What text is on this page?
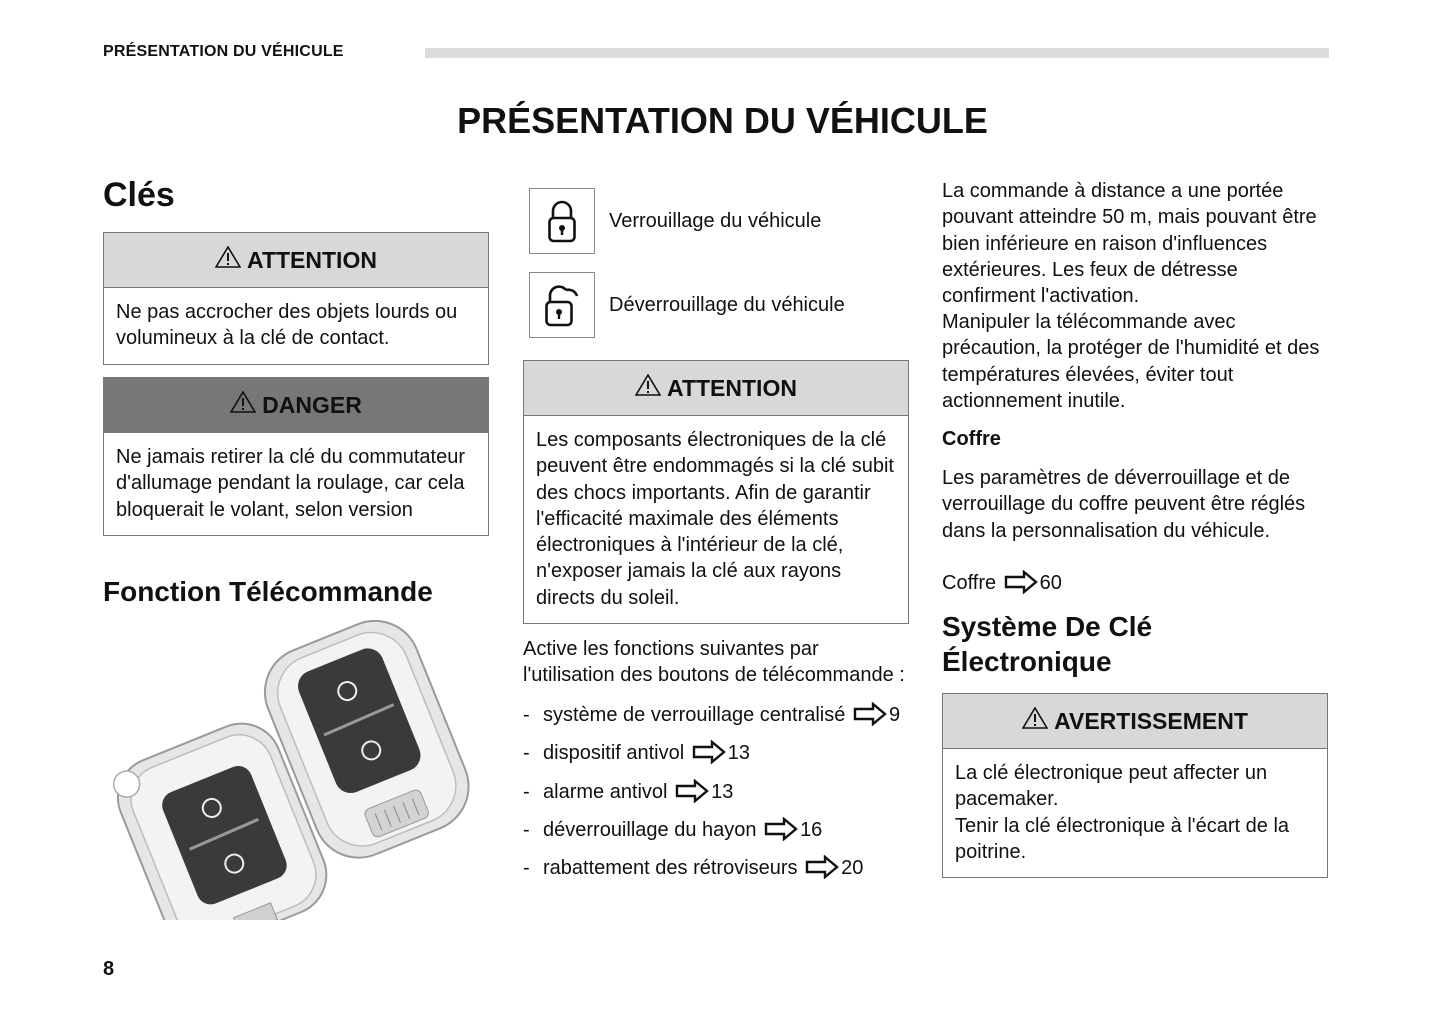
PRÉSENTATION DU VÉHICULE
PRÉSENTATION DU VÉHICULE
Clés
ATTENTION
Ne pas accrocher des objets lourds ou volumineux à la clé de contact.
DANGER
Ne jamais retirer la clé du commutateur d'allumage pendant la roulage, car cela bloquerait le volant, selon version
Fonction Télécommande
Verrouillage du véhicule
Déverrouillage du véhicule
ATTENTION
Les composants électroniques de la clé peuvent être endommagés si la clé subit des chocs importants. Afin de garantir l'efficacité maximale des éléments électroniques à l'intérieur de la clé, n'exposer jamais la clé aux rayons directs du soleil.
Active les fonctions suivantes par l'utilisation des boutons de télécommande :
- système de verrouillage centralisé 9
- dispositif antivol 13
- alarme antivol 13
- déverrouillage du hayon 16
- rabattement des rétroviseurs 20
La commande à distance a une portée pouvant atteindre 50 m, mais pouvant être bien inférieure en raison d'influences extérieures. Les feux de détresse confirment l'activation.
Manipuler la télécommande avec précaution, la protéger de l'humidité et des températures élevées, éviter tout actionnement inutile.
Coffre
Les paramètres de déverrouillage et de verrouillage du coffre peuvent être réglés dans la personnalisation du véhicule.
Coffre 60
Système De Clé Électronique
AVERTISSEMENT
La clé électronique peut affecter un pacemaker.
Tenir la clé électronique à l'écart de la poitrine.
8
